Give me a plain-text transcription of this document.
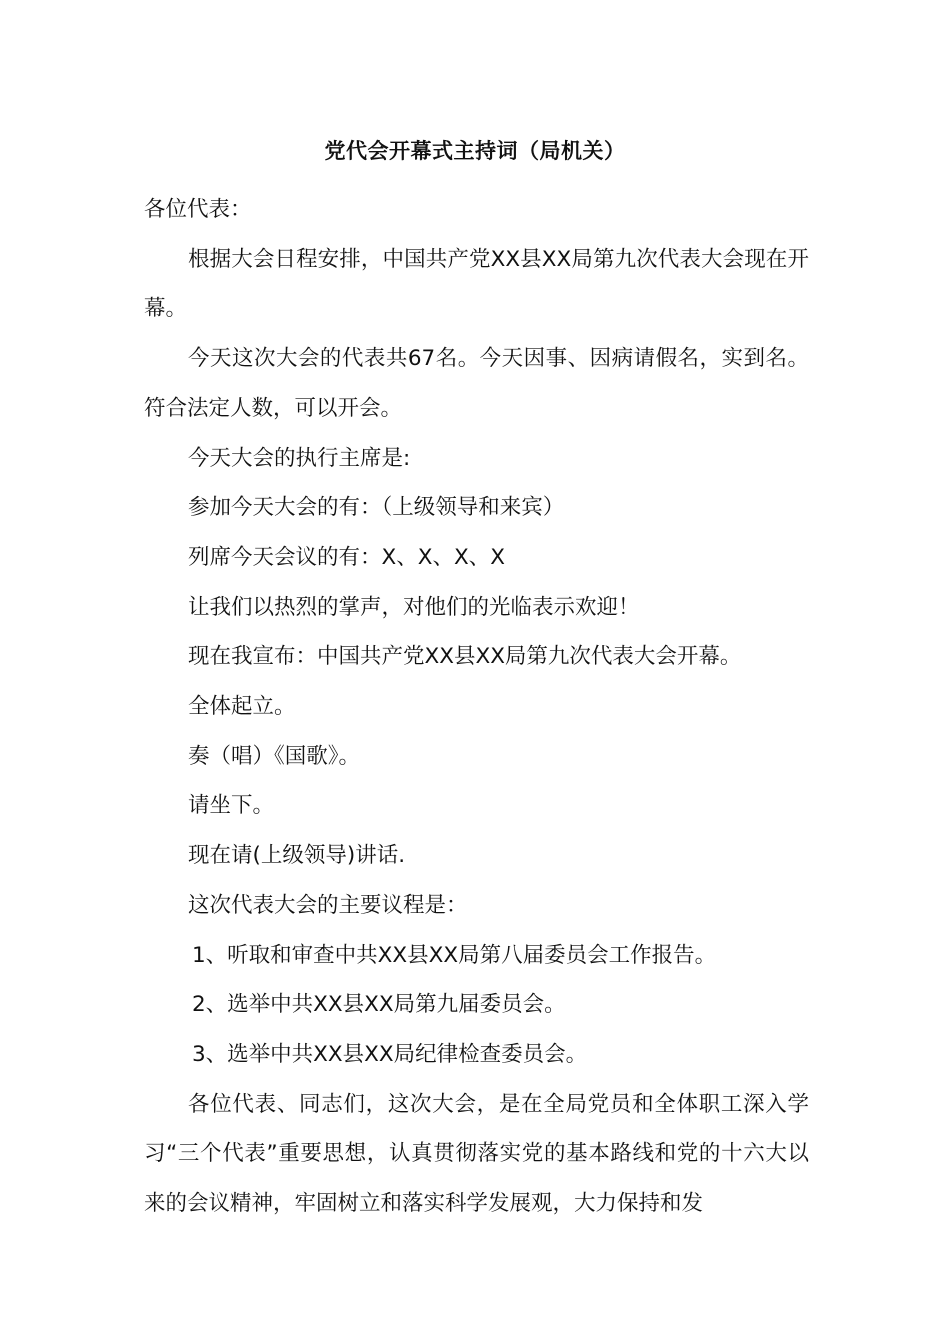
党代会开幕式主持词（局机关）

各位代表：

根据大会日程安排，中国共产党XX县XX局第九次代表大会现在开幕。

今天这次大会的代表共67名。今天因事、因病请假名，实到名。符合法定人数，可以开会。

今天大会的执行主席是:

参加今天大会的有：（上级领导和来宾）

列席今天会议的有：X、X、X、X

让我们以热烈的掌声，对他们的光临表示欢迎！

现在我宣布：中国共产党XX县XX局第九次代表大会开幕。

全体起立。

奏（唱）《国歌》。

请坐下。

现在请(上级领导)讲话.

这次代表大会的主要议程是：

1、听取和审查中共XX县XX局第八届委员会工作报告。

2、选举中共XX县XX局第九届委员会。

3、选举中共XX县XX局纪律检查委员会。

各位代表、同志们，这次大会，是在全局党员和全体职工深入学习“三个代表”重要思想，认真贯彻落实党的基本路线和党的十六大以来的会议精神，牢固树立和落实科学发展观，大力保持和发
